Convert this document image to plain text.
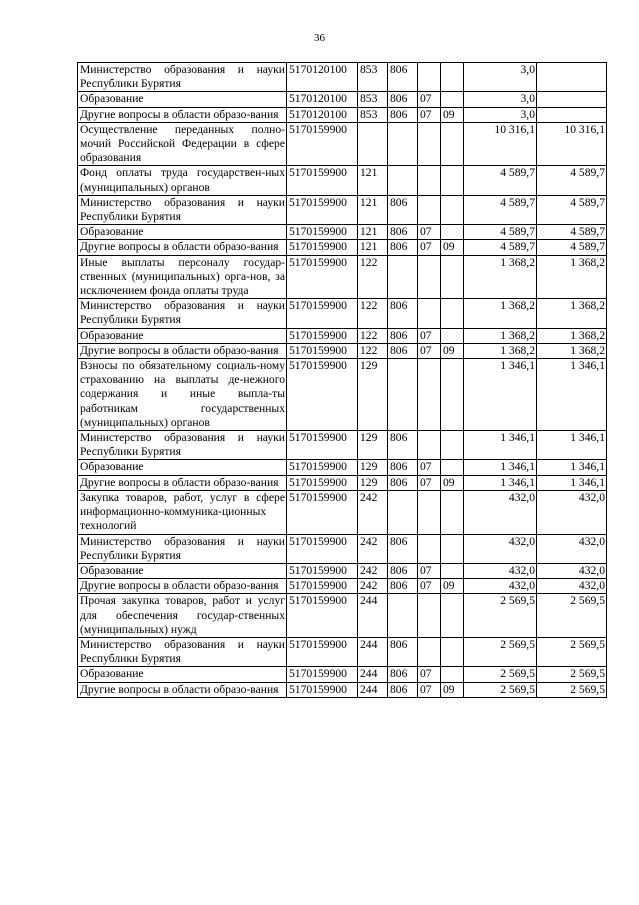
36
Министерство образования и науки Республики Бурятия	5170120100	853	806			3,0	
Образование	5170120100	853	806	07		3,0	
Другие вопросы в области образо-вания	5170120100	853	806	07	09	3,0	
Осуществление переданных полно-мочий Российской Федерации в сфере образования	5170159900					10 316,1	10 316,1
Фонд оплаты труда государствен-ных (муниципальных) органов	5170159900	121				4 589,7	4 589,7
Министерство образования и науки Республики Бурятия	5170159900	121	806			4 589,7	4 589,7
Образование	5170159900	121	806	07		4 589,7	4 589,7
Другие вопросы в области образо-вания	5170159900	121	806	07	09	4 589,7	4 589,7
Иные выплаты персоналу государ-ственных (муниципальных) орга-нов, за исключением фонда оплаты труда	5170159900	122				1 368,2	1 368,2
Министерство образования и науки Республики Бурятия	5170159900	122	806			1 368,2	1 368,2
Образование	5170159900	122	806	07		1 368,2	1 368,2
Другие вопросы в области образо-вания	5170159900	122	806	07	09	1 368,2	1 368,2
Взносы по обязательному социаль-ному страхованию на выплаты де-нежного содержания и иные выпла-ты работникам государственных (муниципальных) органов	5170159900	129				1 346,1	1 346,1
Министерство образования и науки Республики Бурятия	5170159900	129	806			1 346,1	1 346,1
Образование	5170159900	129	806	07		1 346,1	1 346,1
Другие вопросы в области образо-вания	5170159900	129	806	07	09	1 346,1	1 346,1
Закупка товаров, работ, услуг в сфере информационно-коммуника-ционных технологий	5170159900	242				432,0	432,0
Министерство образования и науки Республики Бурятия	5170159900	242	806			432,0	432,0
Образование	5170159900	242	806	07		432,0	432,0
Другие вопросы в области образо-вания	5170159900	242	806	07	09	432,0	432,0
Прочая закупка товаров, работ и услуг для обеспечения государ-ственных (муниципальных) нужд	5170159900	244				2 569,5	2 569,5
Министерство образования и науки Республики Бурятия	5170159900	244	806			2 569,5	2 569,5
Образование	5170159900	244	806	07		2 569,5	2 569,5
Другие вопросы в области образо-вания	5170159900	244	806	07	09	2 569,5	2 569,5
